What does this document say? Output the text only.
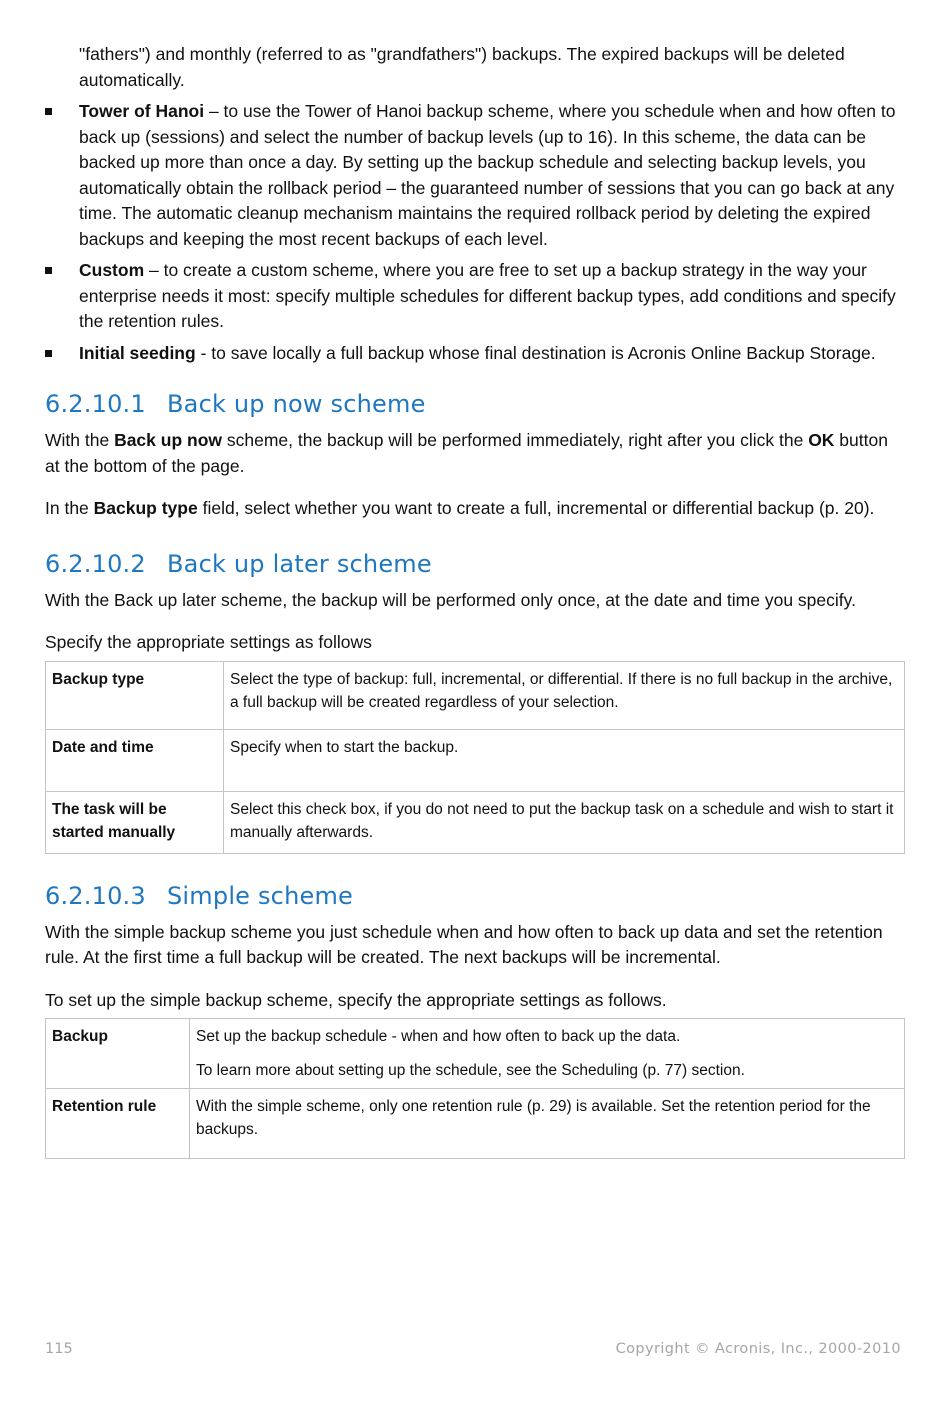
"fathers") and monthly (referred to as "grandfathers") backups. The expired backups will be deleted automatically.

Tower of Hanoi – to use the Tower of Hanoi backup scheme, where you schedule when and how often to back up (sessions) and select the number of backup levels (up to 16). In this scheme, the data can be backed up more than once a day. By setting up the backup schedule and selecting backup levels, you automatically obtain the rollback period – the guaranteed number of sessions that you can go back at any time. The automatic cleanup mechanism maintains the required rollback period by deleting the expired backups and keeping the most recent backups of each level.
Custom – to create a custom scheme, where you are free to set up a backup strategy in the way your enterprise needs it most: specify multiple schedules for different backup types, add conditions and specify the retention rules.
Initial seeding - to save locally a full backup whose final destination is Acronis Online Backup Storage.
6.2.10.1 Back up now scheme

With the Back up now scheme, the backup will be performed immediately, right after you click the OK button at the bottom of the page.

In the Backup type field, select whether you want to create a full, incremental or differential backup (p. 20).

6.2.10.2 Back up later scheme

With the Back up later scheme, the backup will be performed only once, at the date and time you specify.

Specify the appropriate settings as follows

Backup type	Select the type of backup: full, incremental, or differential. If there is no full backup in the archive, a full backup will be created regardless of your selection.
Date and time	Specify when to start the backup.
The task will be started manually	Select this check box, if you do not need to put the backup task on a schedule and wish to start it manually afterwards.
6.2.10.3 Simple scheme

With the simple backup scheme you just schedule when and how often to back up data and set the retention rule. At the first time a full backup will be created. The next backups will be incremental.

To set up the simple backup scheme, specify the appropriate settings as follows.

Backup	Set up the backup schedule - when and how often to back up the data.
To learn more about setting up the schedule, see the Scheduling (p. 77) section.

Retention rule	With the simple scheme, only one retention rule (p. 29) is available. Set the retention period for the backups.
115	Copyright © Acronis, Inc., 2000-2010
